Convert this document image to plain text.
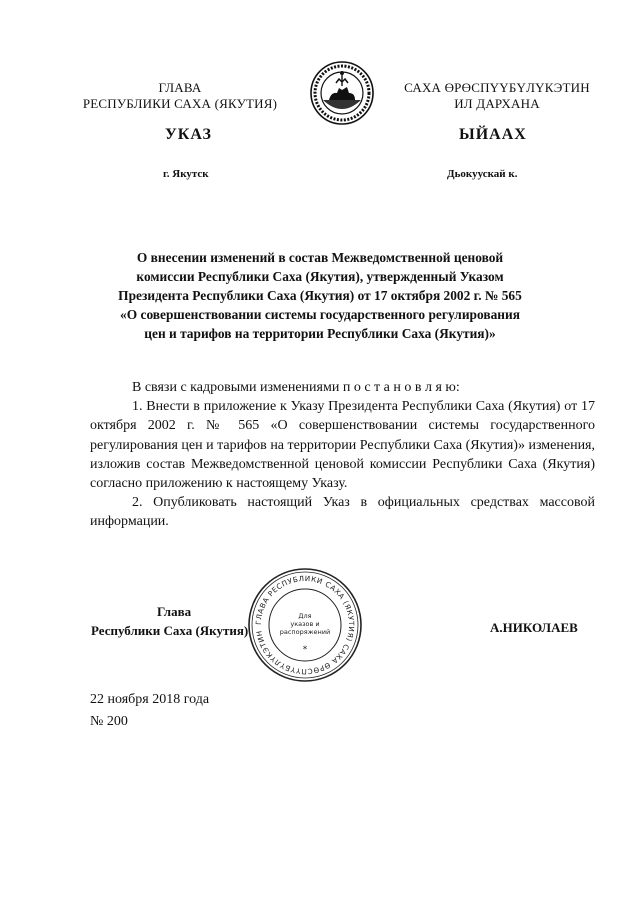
ГЛАВА
РЕСПУБЛИКИ САХА (ЯКУТИЯ)
САХА ӨРӨСПҮҮБҮЛҮКЭТИН
ИЛ ДАРХАНА
УКАЗ	ЫЙААХ
г. Якутск	Дьокуускай к.
О внесении изменений в состав Межведомственной ценовой
комиссии Республики Саха (Якутия), утвержденный Указом
Президента Республики Саха (Якутия) от 17 октября 2002 г. № 565
«О совершенствовании системы государственного регулирования
цен и тарифов на территории Республики Саха (Якутия)»

В связи с кадровыми изменениями п о с т а н о в л я ю:

1. Внести в приложение к Указу Президента Республики Саха (Якутия) от 17 октября 2002 г. № 565 «О совершенствовании системы государственного регулирования цен и тарифов на территории Республики Саха (Якутия)» изменения, изложив состав Межведомственной ценовой комиссии Республики Саха (Якутия) согласно приложению к настоящему Указу.

2. Опубликовать настоящий Указ в официальных средствах массовой информации.

Глава
Республики Саха (Якутия)
ГЛАВА РЕСПУБЛИКИ САХА (ЯКУТИЯ) САХА ӨРӨСПҮҮБҮЛҮКЭТИН
Для
указов и
распоряжений
*
А.НИКОЛАЕВ
22 ноября 2018 года
№ 200
